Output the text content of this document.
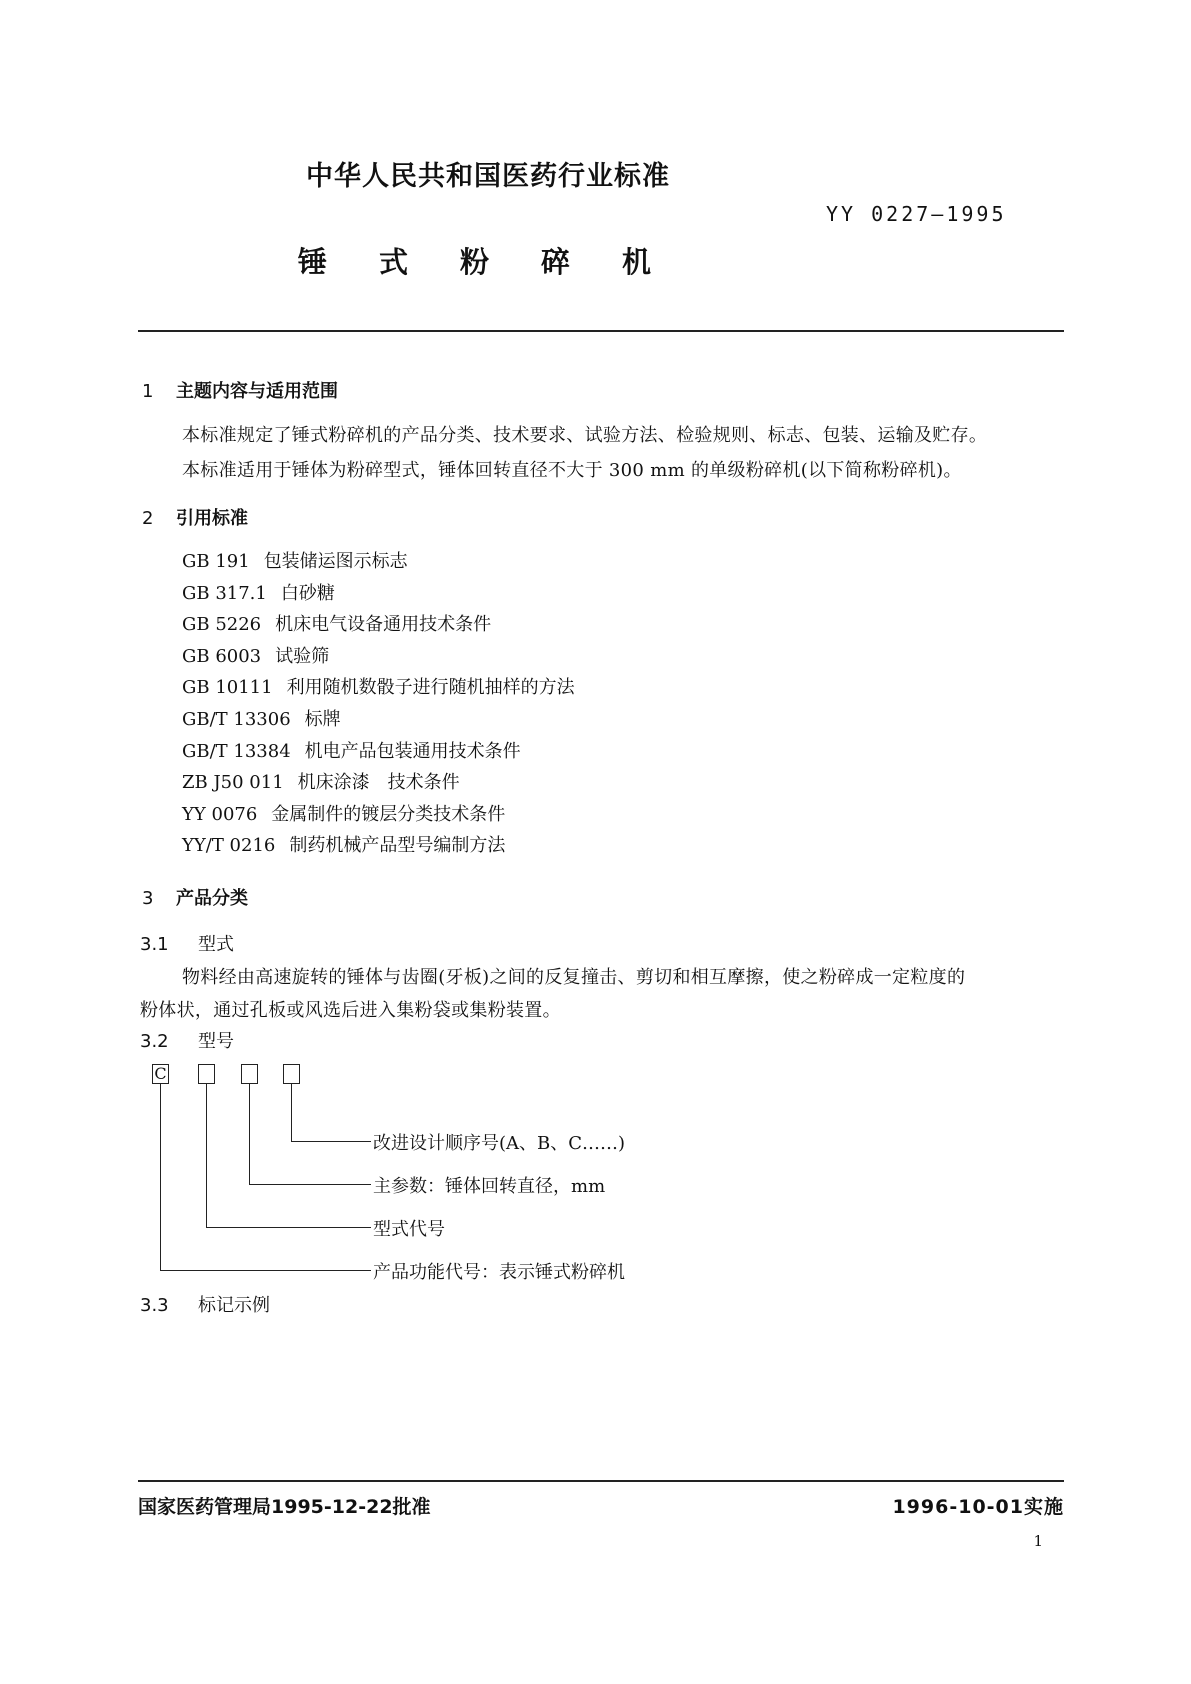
中华人民共和国医药行业标准
YY 0227—1995
锤式粉碎机
1 主题内容与适用范围
本标准规定了锤式粉碎机的产品分类、技术要求、试验方法、检验规则、标志、包装、运输及贮存。
本标准适用于锤体为粉碎型式，锤体回转直径不大于 300 mm 的单级粉碎机(以下简称粉碎机)。
2 引用标准
GB 191 包装储运图示标志
GB 317.1 白砂糖
GB 5226 机床电气设备通用技术条件
GB 6003 试验筛
GB 10111 利用随机数骰子进行随机抽样的方法
GB/T 13306 标牌
GB/T 13384 机电产品包装通用技术条件
ZB J50 011 机床涂漆　技术条件
YY 0076 金属制件的镀层分类技术条件
YY/T 0216 制药机械产品型号编制方法
3 产品分类
3.1 型式
物料经由高速旋转的锤体与齿圈(牙板)之间的反复撞击、剪切和相互摩擦，使之粉碎成一定粒度的
粉体状，通过孔板或风选后进入集粉袋或集粉装置。
3.2 型号
C
改进设计顺序号(A、B、C……)
主参数：锤体回转直径，mm
型式代号
产品功能代号：表示锤式粉碎机
3.3 标记示例
国家医药管理局1995-12-22批准	1996-10-01实施
1
